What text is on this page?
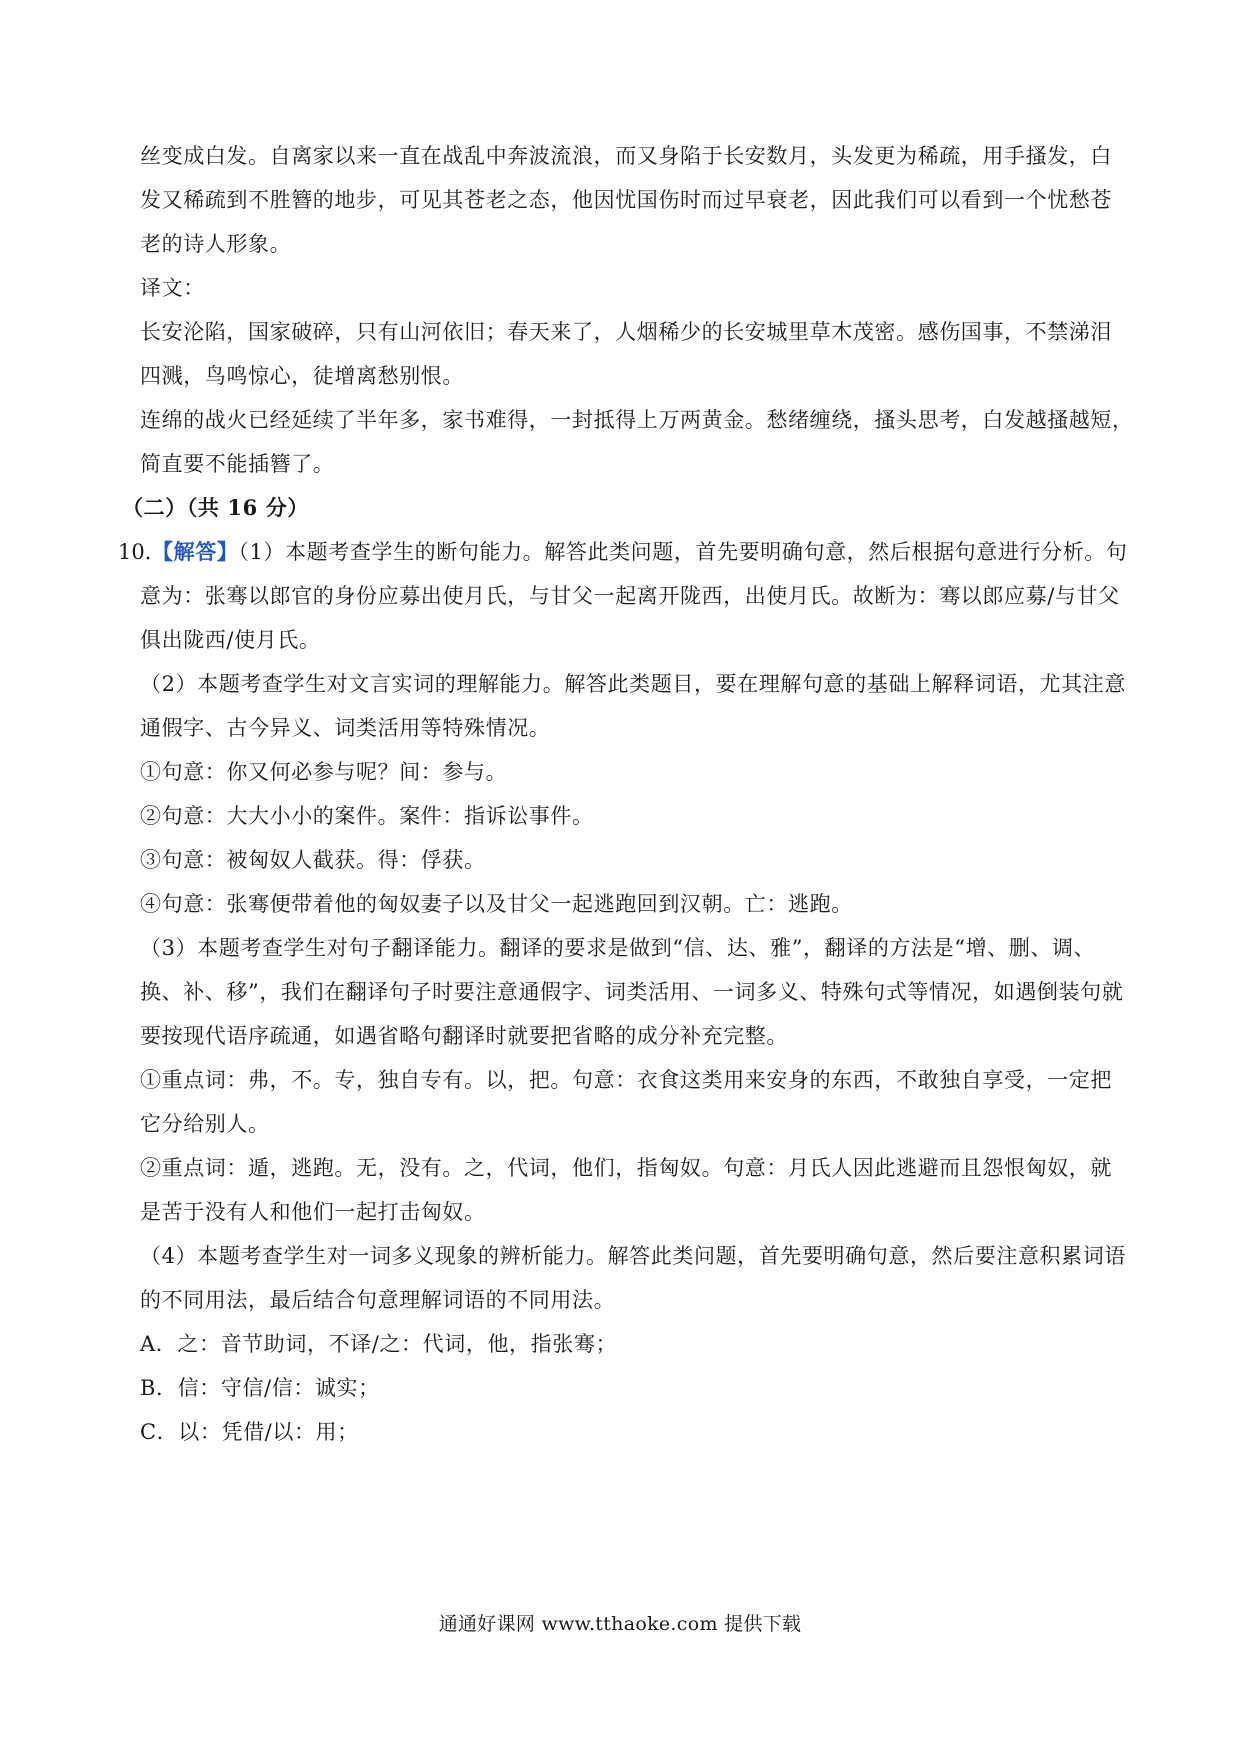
丝变成白发。自离家以来一直在战乱中奔波流浪，而又身陷于长安数月，头发更为稀疏，用手搔发，白
发又稀疏到不胜簪的地步，可见其苍老之态，他因忧国伤时而过早衰老，因此我们可以看到一个忧愁苍
老的诗人形象。
译文：
长安沦陷，国家破碎，只有山河依旧；春天来了，人烟稀少的长安城里草木茂密。感伤国事，不禁涕泪
四溅，鸟鸣惊心，徒增离愁别恨。
连绵的战火已经延续了半年多，家书难得，一封抵得上万两黄金。愁绪缠绕，搔头思考，白发越搔越短，
简直要不能插簪了。
（二）（共 16 分）
10．
【解答】（1）本题考查学生的断句能力。解答此类问题，首先要明确句意，然后根据句意进行分析。句
意为：张骞以郎官的身份应募出使月氏，与甘父一起离开陇西，出使月氏。故断为：骞以郎应募/与甘父
俱出陇西/使月氏。
（2）本题考查学生对文言实词的理解能力。解答此类题目，要在理解句意的基础上解释词语，尤其注意
通假字、古今异义、词类活用等特殊情况。
①句意：你又何必参与呢？间：参与。
②句意：大大小小的案件。案件：指诉讼事件。
③句意：被匈奴人截获。得：俘获。
④句意：张骞便带着他的匈奴妻子以及甘父一起逃跑回到汉朝。亡：逃跑。
（3）本题考查学生对句子翻译能力。翻译的要求是做到“信、达、雅”，翻译的方法是“增、删、调、
换、补、移”，我们在翻译句子时要注意通假字、词类活用、一词多义、特殊句式等情况，如遇倒装句就
要按现代语序疏通，如遇省略句翻译时就要把省略的成分补充完整。
①重点词：弗，不。专，独自专有。以，把。句意：衣食这类用来安身的东西，不敢独自享受，一定把
它分给别人。
②重点词：遁，逃跑。无，没有。之，代词，他们，指匈奴。句意：月氏人因此逃避而且怨恨匈奴，就
是苦于没有人和他们一起打击匈奴。
（4）本题考查学生对一词多义现象的辨析能力。解答此类问题，首先要明确句意，然后要注意积累词语
的不同用法，最后结合句意理解词语的不同用法。
A．之：音节助词，不译/之：代词，他，指张骞；
B．信：守信/信：诚实；
C．以：凭借/以：用；
通通好课网 www.tthaoke.com 提供下载
